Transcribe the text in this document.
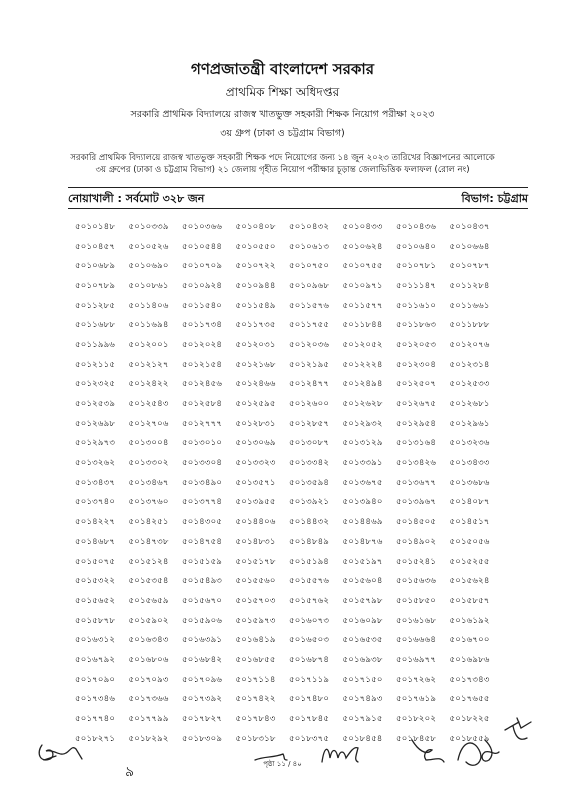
গণপ্রজাতন্ত্রী বাংলাদেশ সরকার
প্রাথমিক শিক্ষা অধিদপ্তর
সরকারি প্রাথমিক বিদ্যালয়ে রাজস্ব খাতভুক্ত সহকারী শিক্ষক নিয়োগ পরীক্ষা ২০২৩
৩য় গ্রুপ (ঢাকা ও চট্টগ্রাম বিভাগ)
সরকারি প্রাথমিক বিদ্যালয়ে রাজস্ব খাতভুক্ত সহকারী শিক্ষক পদে নিয়োগের জন্য ১৪ জুন ২০২৩ তারিখের বিজ্ঞাপনের আলোকে
৩য় গ্রুপের (ঢাকা ও চট্টগ্রাম বিভাগ) ২১ জেলায় গৃহীত নিয়োগ পরীক্ষার চূড়ান্ত জেলাভিত্তিক ফলাফল (রোল নং)
নোয়াখালী : সর্বমোট ৩২৮ জন	বিভাগ: চট্টগ্রাম
৫০১০১৪৮	৫০১০৩৩৯	৫০১০৩৬৬	৫০১০৪০৮	৫০১০৪৩২	৫০১০৪৩৩	৫০১০৪৩৬	৫০১০৪৩৭
৫০১০৪৫৭	৫০১০৫২৬	৫০১০৫৪৪	৫০১০৫৫০	৫০১০৬১৩	৫০১০৬২৪	৫০১০৬৪০	৫০১০৬৬৪
৫০১০৬৮৯	৫০১০৬৯০	৫০১০৭০৯	৫০১০৭২২	৫০১০৭৫০	৫০১০৭৫৫	৫০১০৭৮১	৫০১০৭৮৭
৫০১০৭৮৯	৫০১০৮৬১	৫০১০৯২৪	৫০১০৯৪৪	৫০১০৯৬৮	৫০১০৯৭১	৫০১১১৪৭	৫০১১২৮৪
৫০১১২৮৫	৫০১১৪০৬	৫০১১৫৪০	৫০১১৫৪৯	৫০১১৫৭৬	৫০১১৫৭৭	৫০১১৬১০	৫০১১৬৬১
৫০১১৬৮৮	৫০১১৬৯৪	৫০১১৭৩৪	৫০১১৭৩৫	৫০১১৭৫৫	৫০১১৮৪৪	৫০১১৮৬৩	৫০১১৮৮৮
৫০১১৯৯৬	৫০১২০০১	৫০১২০২৪	৫০১২০৩১	৫০১২০৩৬	৫০১২০৫২	৫০১২০৫৩	৫০১২০৭৬
৫০১২১১৫	৫০১২১২৭	৫০১২১৫৪	৫০১২১৬৮	৫০১২১৯৫	৫০১২২২৪	৫০১২৩০৪	৫০১২৩১৪
৫০১২৩২৫	৫০১২৪২২	৫০১২৪৫৬	৫০১২৪৬৬	৫০১২৪৭৭	৫০১২৪৯৪	৫০১২৫০৭	৫০১২৫৩৩
৫০১২৫৩৯	৫০১২৫৪৩	৫০১২৫৮৪	৫০১২৫৯৫	৫০১২৬০০	৫০১২৬২৮	৫০১২৬৭৫	৫০১২৬৮১
৫০১২৬৯৮	৫০১২৭০৬	৫০১২৭৭৭	৫০১২৮৩১	৫০১২৮৫৭	৫০১২৯৩২	৫০১২৯৫৪	৫০১২৯৬১
৫০১২৯৭৩	৫০১৩০০৪	৫০১৩০১০	৫০১৩০৬৯	৫০১৩০৮৭	৫০১৩১২৯	৫০১৩১৬৪	৫০১৩২৩৬
৫০১৩২৬২	৫০১৩৩০২	৫০১৩৩০৪	৫০১৩৩২৩	৫০১৩৩৪২	৫০১৩৩৯১	৫০১৩৪২৬	৫০১৩৪৩৩
৫০১৩৪৩৭	৫০১৩৪৬৭	৫০১৩৪৯০	৫০১৩৫৭১	৫০১৩৫৯৪	৫০১৩৬৭৫	৫০১৩৬৭৭	৫০১৩৬৮৬
৫০১৩৭৪০	৫০১৩৭৬০	৫০১৩৭৭৪	৫০১৩৯৫৫	৫০১৩৯২১	৫০১৩৯৪০	৫০১৩৯৬৭	৫০১৪০৮৭
৫০১৪২২৭	৫০১৪২৫১	৫০১৪৩০৫	৫০১৪৪০৬	৫০১৪৪৩২	৫০১৪৪৬৯	৫০১৪৫০৫	৫০১৪৫১৭
৫০১৪৬৮৭	৫০১৪৭৩৮	৫০১৪৭৫৪	৫০১৪৮৩১	৫০১৪৮৪৯	৫০১৪৮৭৬	৫০১৪৯০২	৫০১৫০৫৬
৫০১৫০৭৫	৫০১৫১২৪	৫০১৫১৫৯	৫০১৫১৭৮	৫০১৫১৯৪	৫০১৫১৯৭	৫০১৫২৪১	৫০১৫২৫৫
৫০১৫৩২২	৫০১৫৩৫৪	৫০১৫৪৯৩	৫০১৫৫৬০	৫০১৫৫৭৬	৫০১৫৬০৪	৫০১৫৬৩৬	৫০১৫৬২৪
৫০১৫৬৫২	৫০১৫৬৫৯	৫০১৫৬৭০	৫০১৫৭০৩	৫০১৫৭৬২	৫০১৫৭৯৮	৫০১৫৮৫০	৫০১৫৮৫৭
৫০১৫৮৭৮	৫০১৫৯০২	৫০১৫৯০৬	৫০১৫৯৭৩	৫০১৬০৭৩	৫০১৬০৯৮	৫০১৬১৬৮	৫০১৬১৯২
৫০১৬৩১২	৫০১৬৩৪৩	৫০১৬৩৯১	৫০১৬৪১৯	৫০১৬৫০৩	৫০১৬৫৩৫	৫০১৬৬৬৪	৫০১৬৭০০
৫০১৬৭৯২	৫০১৬৮০৬	৫০১৬৮৪২	৫০১৬৮৫৫	৫০১৬৮৭৪	৫০১৬৯৩৮	৫০১৬৯৭৭	৫০১৬৯৮৬
৫০১৭০৯০	৫০১৭০৯৩	৫০১৭০৯৬	৫০১৭১১৪	৫০১৭১১৯	৫০১৭১৫০	৫০১৭২৬২	৫০১৭৩৪৩
৫০১৭৩৪৬	৫০১৭৩৬৬	৫০১৭৩৯২	৫০১৭৪২২	৫০১৭৪৮০	৫০১৭৪৯৩	৫০১৭৬১৯	৫০১৭৬৫৫
৫০১৭৭৪০	৫০১৭৭৯৯	৫০১৭৮২৭	৫০১৭৮৪৩	৫০১৭৮৪৫	৫০১৭৯১৫	৫০১৮২০২	৫০১৮২২৫
৫০১৮২৭১	৫০১৮২৯২	৫০১৮৩০৯	৫০১৮৩১৮	৫০১৮৩৭৫	৫০১৮৪৫৪	৫০১৮৪৫৮	৫০১৮৫৫৯
৯	পৃষ্ঠা ১১ / ৪০
